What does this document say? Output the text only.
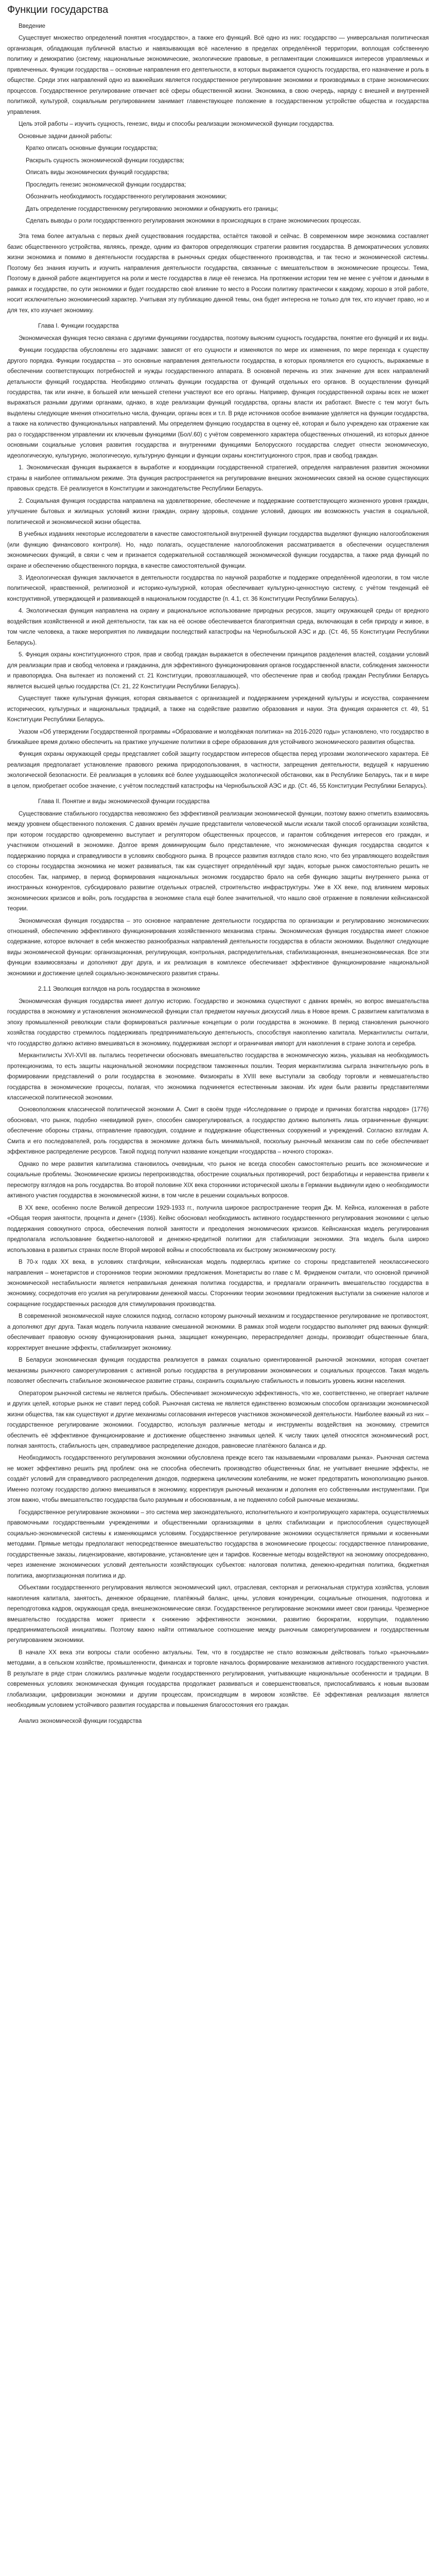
Функции государства

Введение

Существует множество определений понятия «государство», а также его функций. Всё одно из них: государство — универсальная политическая организация, обладающая публичной властью и навязывающая всё населению в пределах определённой территории, воплощая собственную политику и демократию (систему, национальные экономические, экологические правовые, в регламентации сложившихся интересов управляемых и привлеченных. Функции государства – основные направления его деятельности, в которых выражается сущность государства, его назначение и роль в обществе. Среди этих направлений одно из важнейших является государственное регулирование экономики и производимых в стране экономических процессов. Государственное регулирование отвечает всё сферы общественной жизни. Экономика, в свою очередь, наряду с внешней и внутренней политикой, культурой, социальным регулированием занимает главенствующее положение в государственном устройстве общества и государства управления.

Цель этой работы – изучить сущность, генезис, виды и способы реализации экономической функции государства.

Основные задачи данной работы:

Кратко описать основные функции государства;

Раскрыть сущность экономической функции государства;

Описать виды экономических функций государства;

Проследить генезис экономической функции государства;

Обозначить необходимость государственного регулирования экономики;

Дать определение государственному регулированию экономики и обнаружить его границы;

Сделать выводы о роли государственного регулирования экономики в происходящих в стране экономических процессах.

Эта тема более актуальна с первых дней существования государства, остаётся таковой и сейчас. В современном мире экономика составляет базис общественного устройства, являясь, прежде, одним из факторов определяющих стратегии развития государства. В демократических условиях жизни экономика и помимо в деятельности государства в рыночных средах общественного производства, и так тесно и экономической системы. Поэтому без знания изучить и изучить направления деятельности государства, связанные с вмешательством в экономические процессы. Тема, Поэтому в данной работе акцентируется на роли и месте государства в лице её генезиса. На протяжении истории тем не менее с учётом и данными в рамках и государстве, по сути экономики и будет государство своё влияние то место в России политику практически к каждому, хорошо в этой работе, носит исключительно экономический характер. Учитывая эту публикацию данной темы, она будет интересна не только для тех, кто изучает право, но и для тех, кто изучает экономику.

Глава I. Функции государства

Экономическая функция тесно связана с другими функциями государства, поэтому выясним сущность государства, понятие его функций и их виды.

Функции государства обусловлены его задачами: зависят от его сущности и изменяются по мере их изменения, по мере перехода к существу другого порядка. Функции государства – это основные направления деятельности государства, в которых проявляется его сущность, выражаемые в обеспечении соответствующих потребностей и нужды государственного аппарата. В основной перечень из этих значение для всех направлений детальности функций государства. Необходимо отличать функции государства от функций отдельных его органов. В осуществлении функций государства, так или иначе, в большей или меньшей степени участвуют все его органы. Например, функция государственной охраны всех не может выражаться разными другими органами, однако, в ходе реализации функций государства, органы власти их работают. Вместе с тем могут быть выделены следующие мнения относительно числа, функции, органы всех и т.п. В ряде источников особое внимание уделяется на функции государства, а также на количество функциональных направлений. Мы определяем функцию государства в оценку её, которая и было учреждено как отражение как раз о государственном управлении их ключевым функциями (Бол/.60) с учётом современного характера общественных отношений, из которых данное основными социальные условия развития государства и внутренними функциями Белорусского государства следует отнести экономическую, идеологическую, культурную, экологическую, культурную функции и функции охраны конституционного строя, прав и свобод граждан.

1. Экономическая функция выражается в выработке и координации государственной стратегией, определяя направления развития экономики страны в наиболее оптимальном режиме. Эта функция распространяется на регулирование внешних экономических связей на основе существующих правовых средств. Её реализуется в Конституции и законодательстве Республики Беларусь.

2. Социальная функция государства направлена на удовлетворение, обеспечение и поддержание соответствующего жизненного уровня граждан, улучшение бытовых и жилищных условий жизни граждан, охрану здоровья, создание условий, дающих им возможность участия в социальной, политической и экономической жизни общества.

В учебных изданиях некоторые исследователи в качестве самостоятельной внутренней функции государства выделяют функцию налогообложения (или функцию финансового контроля). Но, надо полагать, осуществление налогообложения рассматривается в обеспечении осуществления экономических функций, в связи с чем и признается содержательной составляющей экономической функции государства, а также ряда функций по охране и обеспечению общественного порядка, в качестве самостоятельной функции.

3. Идеологическая функция заключается в деятельности государства по научной разработке и поддержке определённой идеологии, в том числе политической, нравственной, религиозной и историко-культурной, которая обеспечивает культурно-ценностную систему, с учётом тенденций её конструктивной, утверждающей и развивающей в национальном государстве (п. 4.1, ст. 36 Конституции Республики Беларусь).

4. Экологическая функция направлена на охрану и рациональное использование природных ресурсов, защиту окружающей среды от вредного воздействия хозяйственной и иной деятельности, так как на её основе обеспечивается благоприятная среда, включающая в себя природу и живое, в том числе человека, а также мероприятия по ликвидации последствий катастрофы на Чернобыльской АЭС и др. (Ст. 46, 55 Конституции Республики Беларусь).

5. Функция охраны конституционного строя, прав и свобод граждан выражается в обеспечении принципов разделения властей, создании условий для реализации прав и свобод человека и гражданина, для эффективного функционирования органов государственной власти, соблюдения законности и правопорядка. Она вытекает из положений ст. 21 Конституции, провозглашающей, что обеспечение прав и свобод граждан Республики Беларусь является высшей целью государства (Ст. 21, 22 Конституции Республики Беларусь).

Существует также культурная функция, которая связывается с организацией и поддержанием учреждений культуры и искусства, сохранением исторических, культурных и национальных традиций, а также на содействие развитию образования и науки. Эта функция охраняется ст. 49, 51 Конституции Республики Беларусь.

Указом «Об утверждении Государственной программы «Образование и молодёжная политика» на 2016-2020 годы» установлено, что государство в ближайшее время должно обеспечить на практике улучшение политики в сфере образования для устойчивого экономического развития общества.

Функция охраны окружающей среды представляет собой защиту государством интересов общества перед угрозами экологического характера. Её реализация предполагает установление правового режима природопользования, в частности, запрещения деятельности, ведущей к нарушению экологической безопасности. Её реализация в условиях всё более ухудшающейся экологической обстановки, как в Республике Беларусь, так и в мире в целом, приобретает особое значение, с учётом последствий катастрофы на Чернобыльской АЭС и др. (Ст. 46, 55 Конституции Республики Беларусь).

Глава II. Понятие и виды экономической функции государства

Существование стабильного государства невозможно без эффективной реализации экономической функции, поэтому важно отметить взаимосвязь между уровнем общественного положения. С давних времён лучшие представители человеческой мысли искали такой способ организации хозяйства, при котором государство одновременно выступает и регулятором общественных процессов, и гарантом соблюдения интересов его граждан, и участником отношений в экономике. Долгое время доминирующим было представление, что экономическая функция государства сводится к поддержанию порядка и справедливости в условиях свободного рынка. В процессе развития взглядов стало ясно, что без управляющего воздействия со стороны государства экономика не может развиваться, так как существует определённый круг задач, которые рынок самостоятельно решить не способен. Так, например, в период формирования национальных экономик государство брало на себя функцию защиты внутреннего рынка от иностранных конкурентов, субсидировало развитие отдельных отраслей, строительство инфраструктуры. Уже в XX веке, под влиянием мировых экономических кризисов и войн, роль государства в экономике стала ещё более значительной, что нашло своё отражение в появлении кейнсианской теории.

Экономическая функция государства – это основное направление деятельности государства по организации и регулированию экономических отношений, обеспечению эффективного функционирования хозяйственного механизма страны. Экономическая функция государства имеет сложное содержание, которое включает в себя множество разнообразных направлений деятельности государства в области экономики. Выделяют следующие виды экономической функции: организационная, регулирующая, контрольная, распределительная, стабилизационная, внешнеэкономическая. Все эти функции взаимосвязаны и дополняют друг друга, и их реализация в комплексе обеспечивает эффективное функционирование национальной экономики и достижение целей социально-экономического развития страны.

2.1.1 Эволюция взглядов на роль государства в экономике

Экономическая функция государства имеет долгую историю. Государство и экономика существуют с давних времён, но вопрос вмешательства государства в экономику и установления экономической функции стал предметом научных дискуссий лишь в Новое время. С развитием капитализма в эпоху промышленной революции стали формироваться различные концепции о роли государства в экономике. В период становления рыночного хозяйства государство стремилось поддерживать предпринимательскую деятельность, способствуя накоплению капитала. Меркантилисты считали, что государство должно активно вмешиваться в экономику, поддерживая экспорт и ограничивая импорт для накопления в стране золота и серебра.

Меркантилисты XVI-XVII вв. пытались теоретически обосновать вмешательство государства в экономическую жизнь, указывая на необходимость протекционизма, то есть защиты национальной экономики посредством таможенных пошлин. Теория меркантилизма сыграла значительную роль в формировании представлений о роли государства в экономике. Физиократы в XVIII веке выступали за свободу торговли и невмешательство государства в экономические процессы, полагая, что экономика подчиняется естественным законам. Их идеи были развиты представителями классической политической экономии.

Основоположник классической политической экономии А. Смит в своём труде «Исследование о природе и причинах богатства народов» (1776) обосновал, что рынок, подобно «невидимой руке», способен саморегулироваться, а государство должно выполнять лишь ограниченные функции: обеспечение обороны страны, отправление правосудия, создание и поддержание общественных сооружений и учреждений. Согласно взглядам А. Смита и его последователей, роль государства в экономике должна быть минимальной, поскольку рыночный механизм сам по себе обеспечивает эффективное распределение ресурсов. Такой подход получил название концепции «государства – ночного сторожа».

Однако по мере развития капитализма становилось очевидным, что рынок не всегда способен самостоятельно решить все экономические и социальные проблемы. Экономические кризисы перепроизводства, обострение социальных противоречий, рост безработицы и неравенства привели к пересмотру взглядов на роль государства. Во второй половине XIX века сторонники исторической школы в Германии выдвинули идею о необходимости активного участия государства в экономической жизни, в том числе в решении социальных вопросов.

В XX веке, особенно после Великой депрессии 1929-1933 гг., получила широкое распространение теория Дж. М. Кейнса, изложенная в работе «Общая теория занятости, процента и денег» (1936). Кейнс обосновал необходимость активного государственного регулирования экономики с целью поддержания совокупного спроса, обеспечения полной занятости и преодоления экономических кризисов. Кейнсианская модель регулирования предполагала использование бюджетно-налоговой и денежно-кредитной политики для стабилизации экономики. Эта модель была широко использована в развитых странах после Второй мировой войны и способствовала их быстрому экономическому росту.

В 70-х годах XX века, в условиях стагфляции, кейнсианская модель подверглась критике со стороны представителей неоклассического направления – монетаристов и сторонников теории экономики предложения. Монетаристы во главе с М. Фридменом считали, что основной причиной экономической нестабильности является неправильная денежная политика государства, и предлагали ограничить вмешательство государства в экономику, сосредоточив его усилия на регулировании денежной массы. Сторонники теории экономики предложения выступали за снижение налогов и сокращение государственных расходов для стимулирования производства.

В современной экономической науке сложился подход, согласно которому рыночный механизм и государственное регулирование не противостоят, а дополняют друг друга. Такая модель получила название смешанной экономики. В рамках этой модели государство выполняет ряд важных функций: обеспечивает правовую основу функционирования рынка, защищает конкуренцию, перераспределяет доходы, производит общественные блага, корректирует внешние эффекты, стабилизирует экономику.

В Беларуси экономическая функция государства реализуется в рамках социально ориентированной рыночной экономики, которая сочетает механизмы рыночного саморегулирования с активной ролью государства в регулировании экономических и социальных процессов. Такая модель позволяет обеспечить стабильное экономическое развитие страны, сохранить социальную стабильность и повысить уровень жизни населения.

Оператором рыночной системы не является прибыль. Обеспечивает экономическую эффективность, что же, соответственно, не отвергает наличие и других целей, которые рынок не ставит перед собой. Рыночная система не является единственно возможным способом организации экономической жизни общества, так как существуют и другие механизмы согласования интересов участников экономической деятельности. Наиболее важный из них – государственное регулирование экономики. Государство, используя различные методы и инструменты воздействия на экономику, стремится обеспечить её эффективное функционирование и достижение общественно значимых целей. К числу таких целей относятся экономический рост, полная занятость, стабильность цен, справедливое распределение доходов, равновесие платёжного баланса и др.

Необходимость государственного регулирования экономики обусловлена прежде всего так называемыми «провалами рынка». Рыночная система не может эффективно решить ряд проблем: она не способна обеспечить производство общественных благ, не учитывает внешние эффекты, не создаёт условий для справедливого распределения доходов, подвержена циклическим колебаниям, не может предотвратить монополизацию рынков. Именно поэтому государство должно вмешиваться в экономику, корректируя рыночный механизм и дополняя его собственными инструментами. При этом важно, чтобы вмешательство государства было разумным и обоснованным, а не подменяло собой рыночные механизмы.

Государственное регулирование экономики – это система мер законодательного, исполнительного и контролирующего характера, осуществляемых правомочными государственными учреждениями и общественными организациями в целях стабилизации и приспособления существующей социально-экономической системы к изменяющимся условиям. Государственное регулирование экономики осуществляется прямыми и косвенными методами. Прямые методы предполагают непосредственное вмешательство государства в экономические процессы: государственное планирование, государственные заказы, лицензирование, квотирование, установление цен и тарифов. Косвенные методы воздействуют на экономику опосредованно, через изменение экономических условий деятельности хозяйствующих субъектов: налоговая политика, денежно-кредитная политика, бюджетная политика, амортизационная политика и др.

Объектами государственного регулирования являются экономический цикл, отраслевая, секторная и региональная структура хозяйства, условия накопления капитала, занятость, денежное обращение, платёжный баланс, цены, условия конкуренции, социальные отношения, подготовка и переподготовка кадров, окружающая среда, внешнеэкономические связи. Государственное регулирование экономики имеет свои границы. Чрезмерное вмешательство государства может привести к снижению эффективности экономики, развитию бюрократии, коррупции, подавлению предпринимательской инициативы. Поэтому важно найти оптимальное соотношение между рыночным саморегулированием и государственным регулированием экономики.

В начале XX века эти вопросы стали особенно актуальны. Тем, что в государстве не стало возможным действовать только «рыночными» методами, а в сельском хозяйстве, промышленности, финансах и торговле началось формирование механизмов активного государственного участия. В результате в ряде стран сложились различные модели государственного регулирования, учитывающие национальные особенности и традиции. В современных условиях экономическая функция государства продолжает развиваться и совершенствоваться, приспосабливаясь к новым вызовам глобализации, цифровизации экономики и другим процессам, происходящим в мировом хозяйстве. Её эффективная реализация является необходимым условием устойчивого развития государства и повышения благосостояния его граждан.

Анализ экономической функции государства
